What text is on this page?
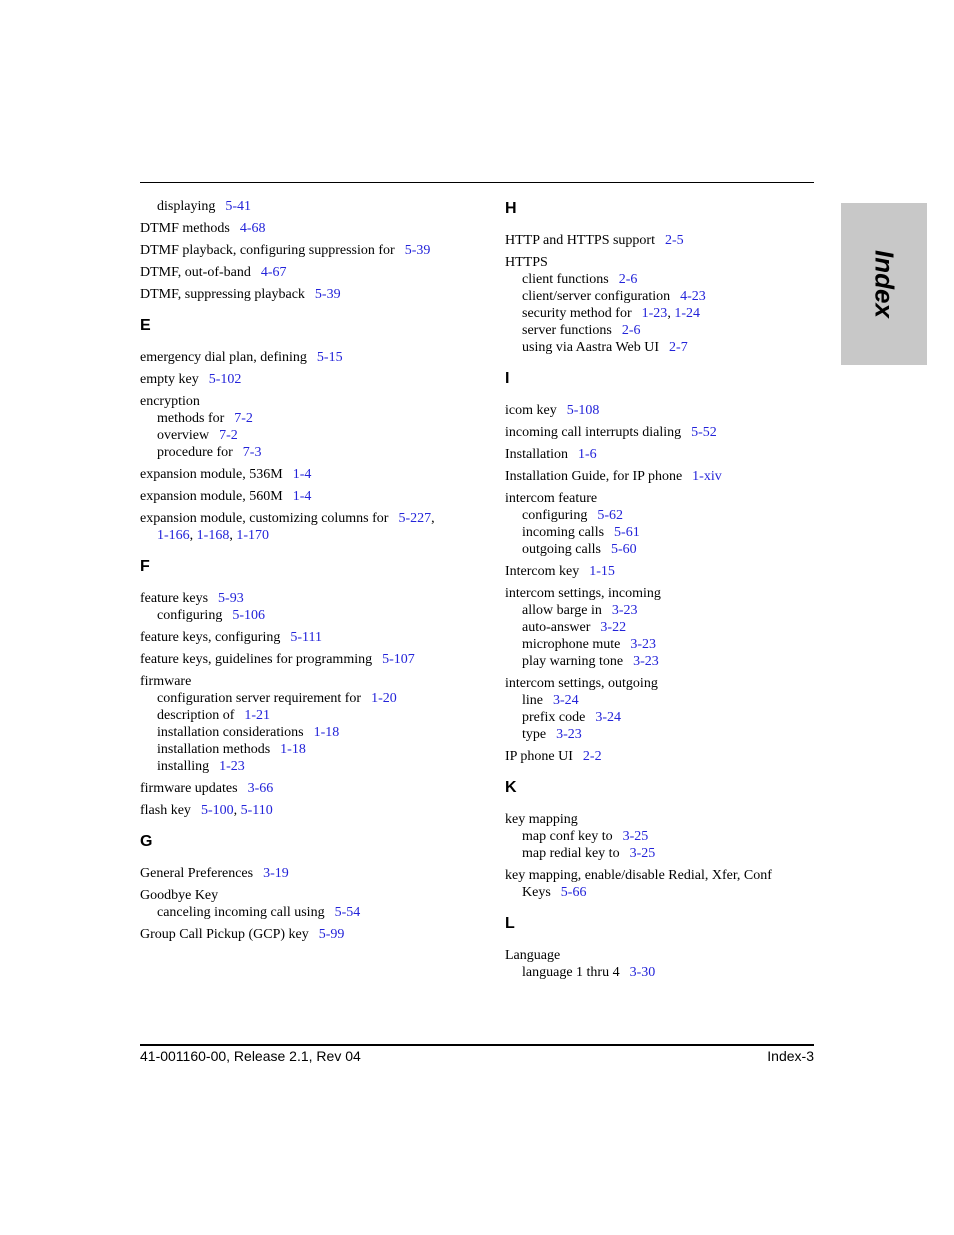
displaying 5-41
DTMF methods 4-68
DTMF playback, configuring suppression for 5-39
DTMF, out-of-band 4-67
DTMF, suppressing playback 5-39
E
emergency dial plan, defining 5-15
empty key 5-102
encryption
methods for 7-2
overview 7-2
procedure for 7-3
expansion module, 536M 1-4
expansion module, 560M 1-4
expansion module, customizing columns for 5-227,
1-166, 1-168, 1-170
F
feature keys 5-93
configuring 5-106
feature keys, configuring 5-111
feature keys, guidelines for programming 5-107
firmware
configuration server requirement for 1-20
description of 1-21
installation considerations 1-18
installation methods 1-18
installing 1-23
firmware updates 3-66
flash key 5-100, 5-110
G
General Preferences 3-19
Goodbye Key
canceling incoming call using 5-54
Group Call Pickup (GCP) key 5-99
H
HTTP and HTTPS support 2-5
HTTPS
client functions 2-6
client/server configuration 4-23
security method for 1-23, 1-24
server functions 2-6
using via Aastra Web UI 2-7
I
icom key 5-108
incoming call interrupts dialing 5-52
Installation 1-6
Installation Guide, for IP phone 1-xiv
intercom feature
configuring 5-62
incoming calls 5-61
outgoing calls 5-60
Intercom key 1-15
intercom settings, incoming
allow barge in 3-23
auto-answer 3-22
microphone mute 3-23
play warning tone 3-23
intercom settings, outgoing
line 3-24
prefix code 3-24
type 3-23
IP phone UI 2-2
K
key mapping
map conf key to 3-25
map redial key to 3-25
key mapping, enable/disable Redial, Xfer, Conf
Keys 5-66
L
Language
language 1 thru 4 3-30
Index
41-001160-00, Release 2.1, Rev 04	Index-3
